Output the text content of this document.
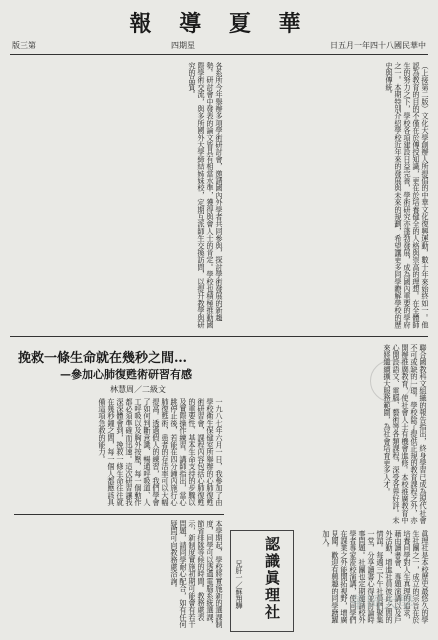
報 導 夏 華
版三第	四期星	日五月一年四十八國民華中
（上接第二版）文化大學創辦人所提倡的中華文化復興運動，數十年來始終如一。他認為教育的目的不僅在於傳授知識，更在於培養健全的人格與崇高的理想。在全體師生的努力之下，學校各項建設日益完善，學術研究亦蓬勃發展，成為國內重要的學府之一。本期特別介紹學校近年來的發展與未來的規劃，希望讓更多同學瞭解學校的歷史與傳統。
各系所今年舉辦多項學術研討會，邀請國內外學者共同參與，探討學術發展的新趨勢。研討會中發表的論文皆具有相當水準，獲得與會人士的肯定。學校也積極推動國際學術交流，與多所國外大學締結姊妹校，定期互派師生交換訪問，以提升教學與研究的品質。
挽救一條生命就在幾秒之間…
—參加心肺復甦術研習有感
林慧周／二級文
一九八七年六月一日，我參加了由學校衛生保健室所舉辦的心肺復甦術研習會，課程內容包括心肺復甦的重要性、基本生命支持的步驟以及實際操作練習。講師指出，當心跳停止後，若能在四分鐘內施行心肺復甦術，患者的存活率可以大幅提高。透過假人的練習，我們學會了如何判斷意識、暢通呼吸道、人工呼吸以及胸外按壓，每一個動作都必須準確而迅速。這次研習讓我深深體會到，挽救一條生命往往就在幾秒鐘之間，每一個人都應該具備這項急救的能力。	聯合國教科文組織的報告指出，終身學習已成為現代社會不可或缺的一環。學校除了提供正規的教育課程之外，亦開辦推廣教育，使社會人士有機會進修。本校推廣教育中心開設語文、電腦、藝術等各類課程，深受各界好評。未來將繼續擴大服務範圍，為社會培育更多人才。
本學期起，學校將實施新的選課制度，同學可以透過電腦系統選課，節省排隊等候的時間。教務處表示，新制度實施初期可能會有若干問題，請同學耐心配合，如有任何疑問可向教務處洽詢。	認識眞理社
兄肝一／蘇翔驊	眞理社是本校歷史最悠久的學生社團之一，成立的宗旨在於培養同學對人生真理的追求，藉由讀書會、專題演講以及戶外活動，增進社員彼此之間的情誼。每週三下午社員們聚集一堂，分享讀書心得並討論時事問題。社團也定期邀請校外學者專家蒞校演講，使同學們在課業之外能開拓視野，增廣見聞。歡迎有興趣的同學踴躍加入。
華岡大學
